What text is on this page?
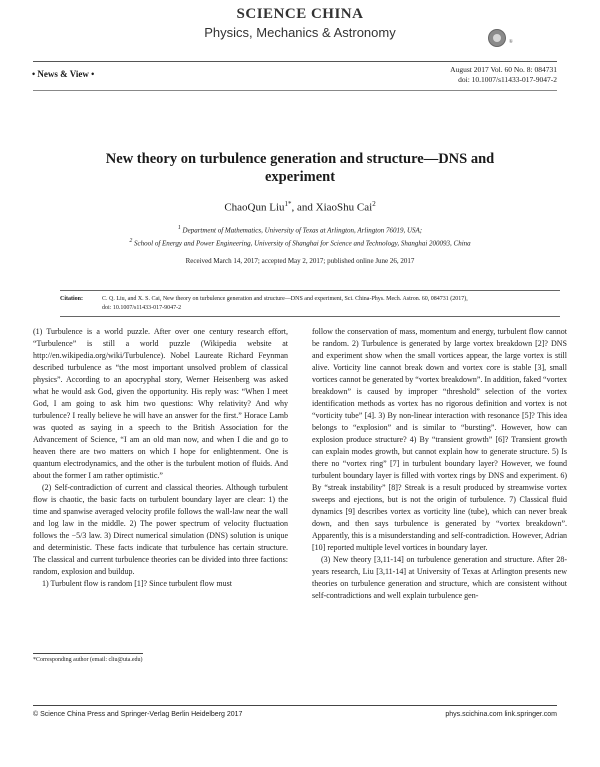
SCIENCE CHINA
Physics, Mechanics & Astronomy
®
• News & View •	August 2017 Vol. 60 No. 8: 084731
doi: 10.1007/s11433-017-9047-2
New theory on turbulence generation and structure—DNS and
experiment
ChaoQun Liu$^{1*}$, and XiaoShu Cai$^2$
$^1$ Department of Mathematics, University of Texas at Arlington, Arlington 76019, USA;
$^2$ School of Energy and Power Engineering, University of Shanghai for Science and Technology, Shanghai 200093, China
Received March 14, 2017; accepted May 2, 2017; published online June 26, 2017
Citation:	C. Q. Liu, and X. S. Cai, New theory on turbulence generation and structure—DNS and experiment, Sci. China-Phys. Mech. Astron. 60, 084731 (2017),
doi: 10.1007/s11433-017-9047-2

(1) Turbulence is a world puzzle. After over one century research effort, “Turbulence” is still a world puzzle (Wikipedia website at http://en.wikipedia.org/wiki/Turbulence). Nobel Laureate Richard Feynman described turbulence as “the most important unsolved problem of classical physics”. According to an apocryphal story, Werner Heisenberg was asked what he would ask God, given the opportunity. His reply was: “When I meet God, I am going to ask him two questions: Why relativity? And why turbulence? I really believe he will have an answer for the first.” Horace Lamb was quoted as saying in a speech to the British Association for the Advancement of Science, “I am an old man now, and when I die and go to heaven there are two matters on which I hope for enlightenment. One is quantum electrodynamics, and the other is the turbulent motion of fluids. And about the former I am rather optimistic.”

(2) Self-contradiction of current and classical theories. Although turbulent flow is chaotic, the basic facts on turbulent boundary layer are clear: 1) the time and spanwise averaged velocity profile follows the wall-law near the wall and log law in the middle. 2) The power spectrum of velocity fluctuation follows the −5/3 law. 3) Direct numerical simulation (DNS) solution is unique and deterministic. These facts indicate that turbulence has certain structure. The classical and current turbulence theories can be divided into three factions: random, explosion and buildup.

1) Turbulent flow is random [1]? Since turbulent flow must

follow the conservation of mass, momentum and energy, turbulent flow cannot be random. 2) Turbulence is generated by large vortex breakdown [2]? DNS and experiment show when the small vortices appear, the large vortex is still alive. Vorticity line cannot break down and vortex core is stable [3], small vortices cannot be generated by “vortex breakdown”. In addition, faked “vortex breakdown” is caused by improper “threshold” selection of the vortex identification methods as vortex has no rigorous definition and vortex is not “vorticity tube” [4]. 3) By non-linear interaction with resonance [5]? This idea belongs to “explosion” and is similar to “bursting”. However, how can explosion produce structure? 4) By “transient growth” [6]? Transient growth can explain modes growth, but cannot explain how to generate structure. 5) Is there no “vortex ring” [7] in turbulent boundary layer? However, we found turbulent boundary layer is filled with vortex rings by DNS and experiment. 6) By “streak instability” [8]? Streak is a result produced by streamwise vortex sweeps and ejections, but is not the origin of turbulence. 7) Classical fluid dynamics [9] describes vortex as vorticity line (tube), which can never break down, and then says turbulence is generated by “vortex breakdown”. Apparently, this is a misunderstanding and self-contradiction. However, Adrian [10] reported multiple level vortices in boundary layer.

(3) New theory [3,11-14] on turbulence generation and structure. After 28-years research, Liu [3,11-14] at University of Texas at Arlington presents new theories on turbulence generation and structure, which are consistent without self-contradictions and well explain turbulence gen-

*Corresponding author (email: cliu@uta.edu)
© Science China Press and Springer-Verlag Berlin Heidelberg 2017	phys.scichina.com link.springer.com
